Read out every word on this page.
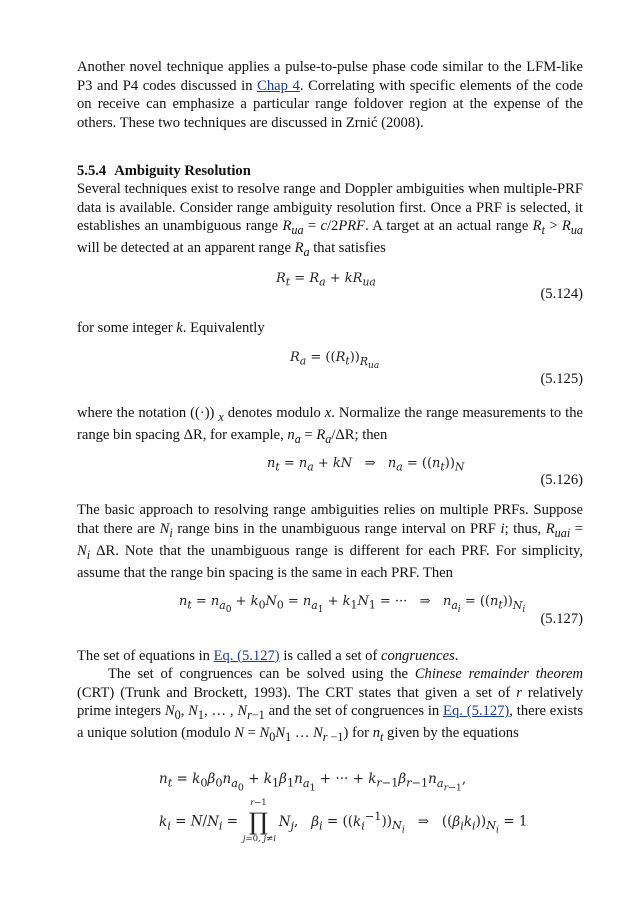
Another novel technique applies a pulse-to-pulse phase code similar to the LFM-like P3 and P4 codes discussed in Chap 4. Correlating with specific elements of the code on receive can emphasize a particular range foldover region at the expense of the others. These two techniques are discussed in Zrnić (2008).

5.5.4 Ambiguity Resolution

Several techniques exist to resolve range and Doppler ambiguities when multiple-PRF data is available. Consider range ambiguity resolution first. Once a PRF is selected, it establishes an unambiguous range $R_{ua} = c/2PRF$. A target at an actual range $R_t > R_{ua}$ will be detected at an apparent range $R_a$ that satisfies

$R_t = R_a + kR_{ua}$

(5.124)

for some integer k. Equivalently

$R_a = ((R_t))_{R_{ua}}$

(5.125)

where the notation ((·)) $_x$ denotes modulo x. Normalize the range measurements to the range bin spacing ΔR, for example, $n_a = R_a/\Delta R$; then

$n_t = n_a$ + kN   ⇒   $n_a = ((n_t))_N$

(5.126)

The basic approach to resolving range ambiguities relies on multiple PRFs. Suppose that there are $N_i$ range bins in the unambiguous range interval on PRF i; thus, $R_{uai} = N_i$ ΔR. Note that the unambiguous range is different for each PRF. For simplicity, assume that the range bin spacing is the same in each PRF. Then

$n_t = n_{a_0} + k_0N_0 = n_{a_1} + k_1N_1$ = ···   ⇒   $n_{a_i} = ((n_t))_{N_i}$

(5.127)

The set of equations in Eq. (5.127) is called a set of congruences.

The set of congruences can be solved using the Chinese remainder theorem (CRT) (Trunk and Brockett, 1993). The CRT states that given a set of r relatively prime integers $N_0$, $N_1$, … , $N_{r-1}$ and the set of congruences in Eq. (5.127), there exists a unique solution (modulo $N = N_0N_1$ … $N_{r -1}$) for $n_t$ given by the equations

$n_t = k_0\beta_0n_{a_0} + k_1\beta_1n_{a_1}$ + ··· + $k_{r-1}\beta_{r-1}n_{a_{r-1}}$,
$k_i = N/N_i$ =
r−1
∏
j=0, j≠i
$N_j$,   $\beta_i = ((k_i^{-1}))_{N_i}$   ⇒   $((\beta_ik_i))_{N_i} = 1$
